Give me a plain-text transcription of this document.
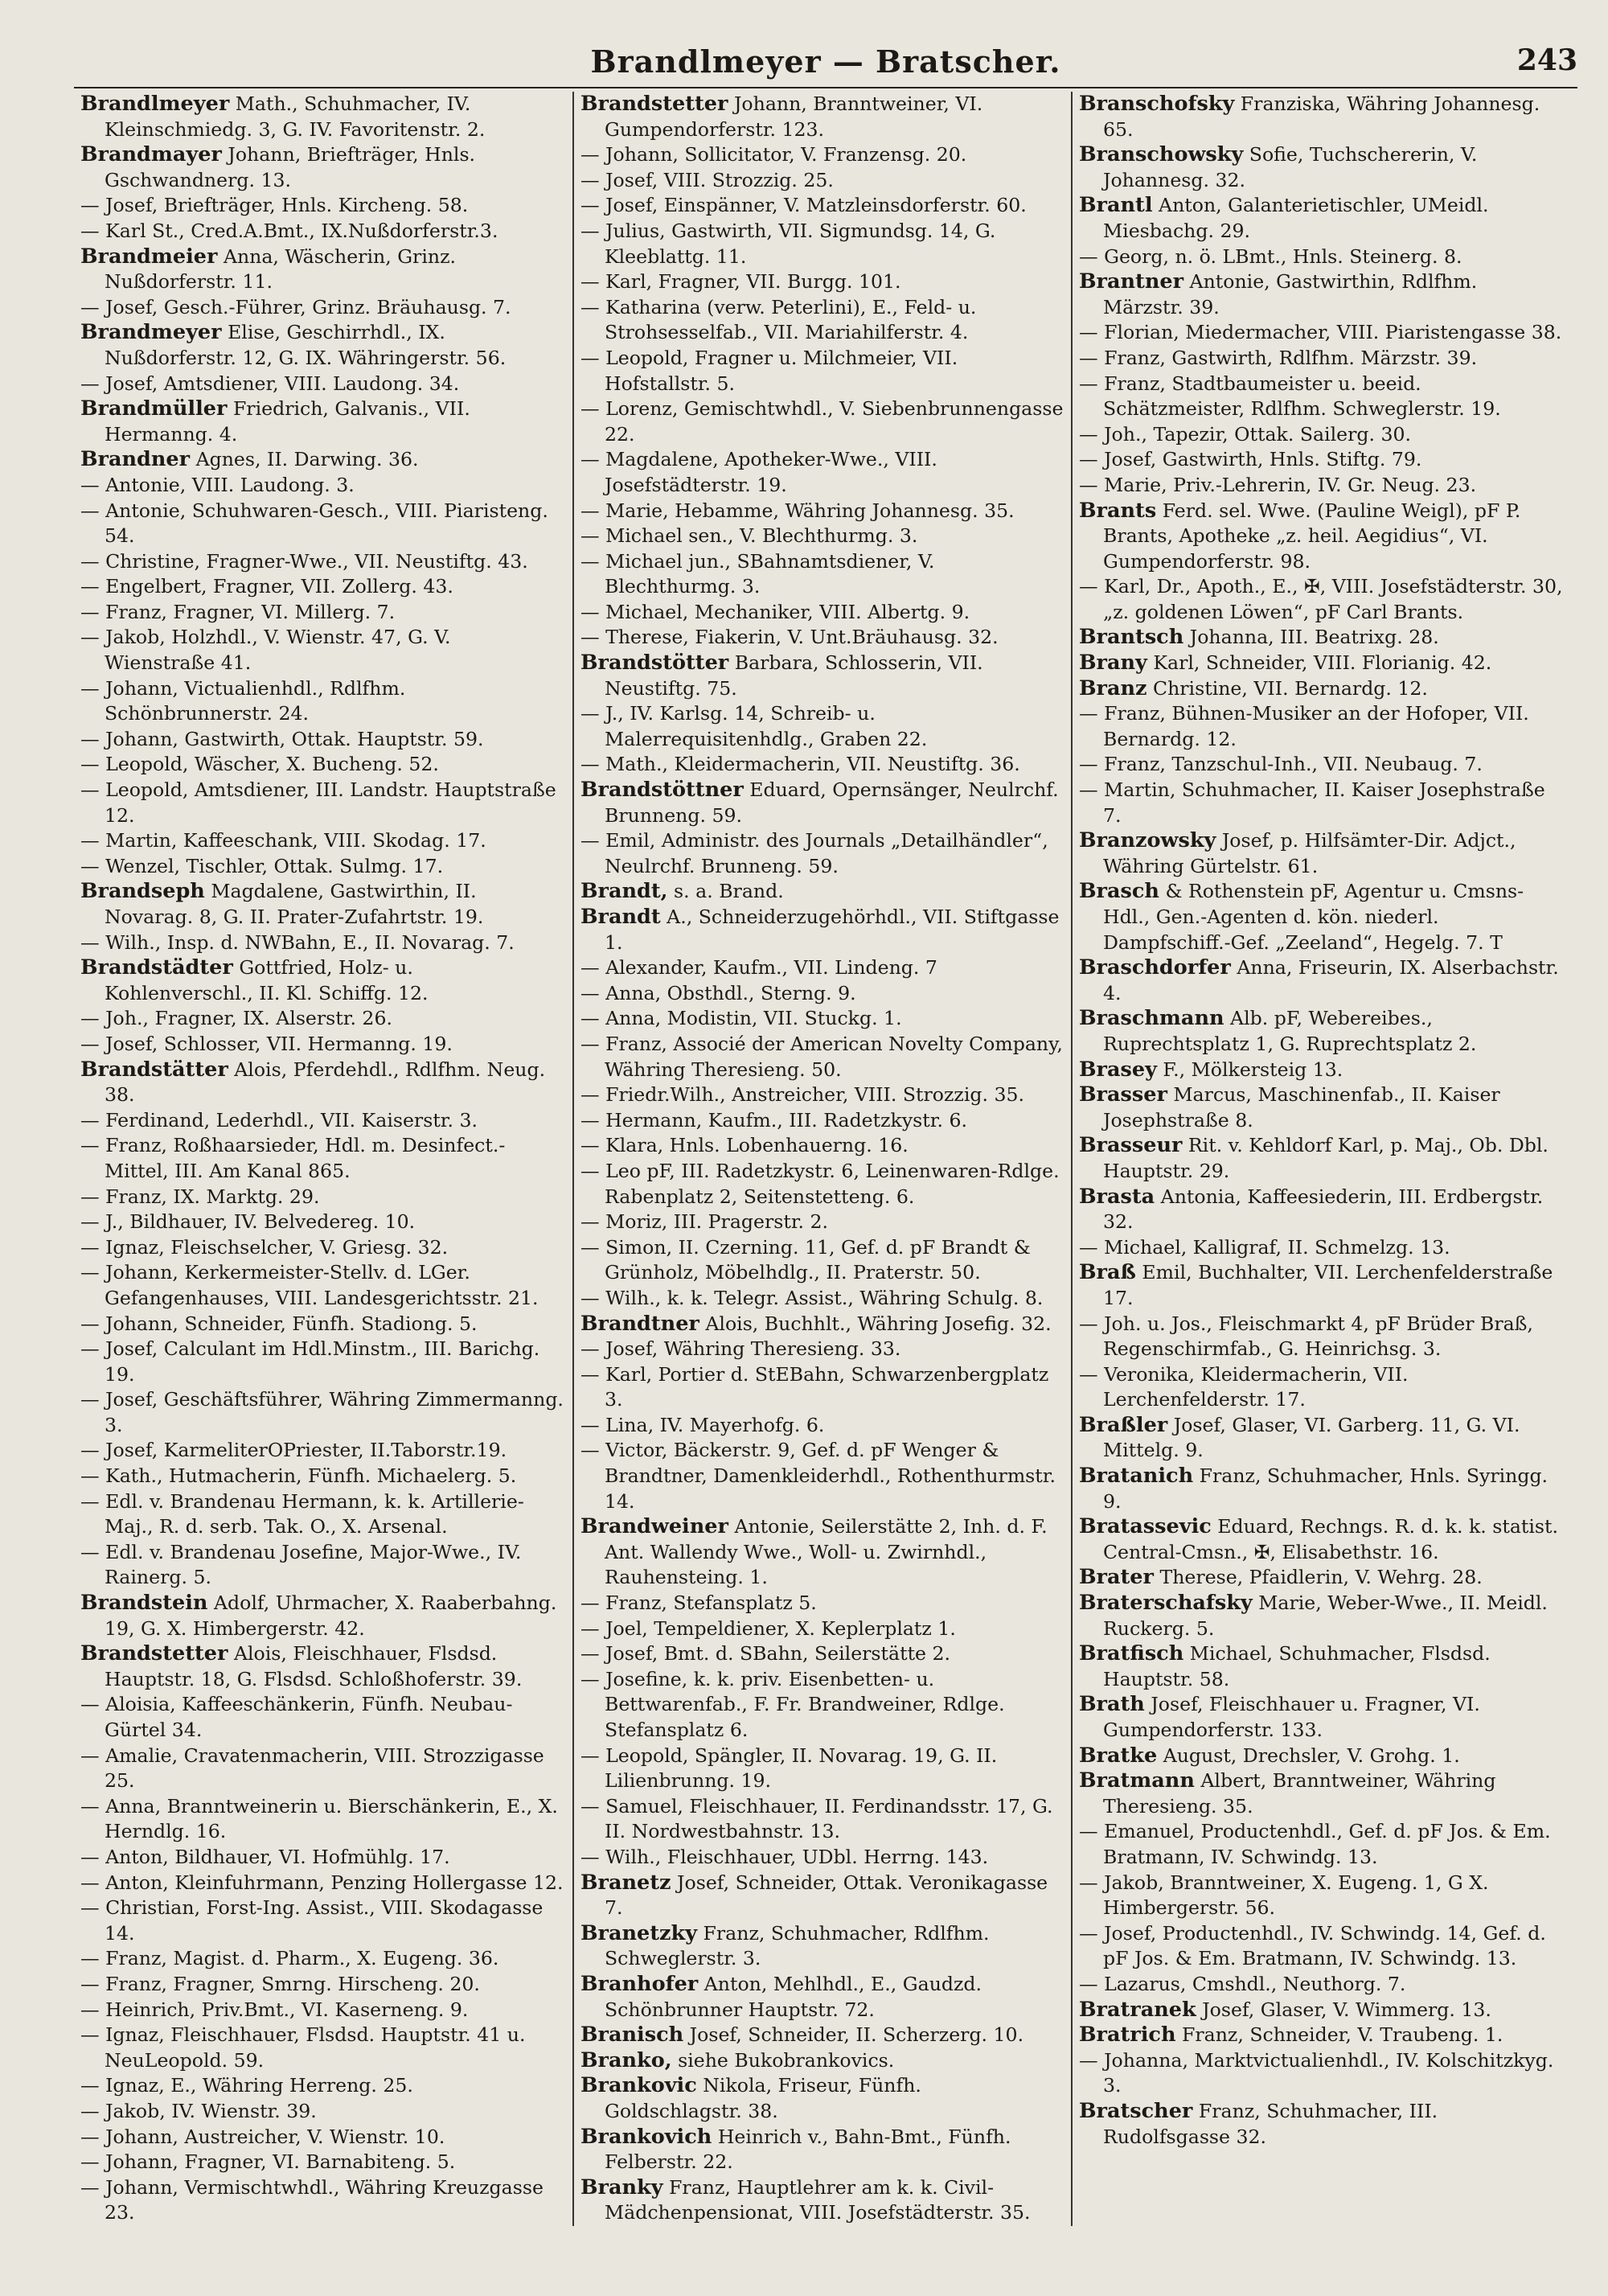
Brandlmeyer — Bratscher.	243
Brandlmeyer Math., Schuhmacher, IV. Kleinschmiedg. 3, G. IV. Favoritenstr. 2.
Brandmayer Johann, Briefträger, Hnls. Gschwandnerg. 13.
— Josef, Briefträger, Hnls. Kircheng. 58.
— Karl St., Cred.A.Bmt., IX.Nußdorferstr.3.
Brandmeier Anna, Wäscherin, Grinz. Nußdorferstr. 11.
— Josef, Gesch.-Führer, Grinz. Bräuhausg. 7.
Brandmeyer Elise, Geschirrhdl., IX. Nußdorferstr. 12, G. IX. Währingerstr. 56.
— Josef, Amtsdiener, VIII. Laudong. 34.
Brandmüller Friedrich, Galvanis., VII. Hermanng. 4.
Brandner Agnes, II. Darwing. 36.
— Antonie, VIII. Laudong. 3.
— Antonie, Schuhwaren-Gesch., VIII. Piaristeng. 54.
— Christine, Fragner-Wwe., VII. Neustiftg. 43.
— Engelbert, Fragner, VII. Zollerg. 43.
— Franz, Fragner, VI. Millerg. 7.
— Jakob, Holzhdl., V. Wienstr. 47, G. V. Wienstraße 41.
— Johann, Victualienhdl., Rdlfhm. Schönbrunnerstr. 24.
— Johann, Gastwirth, Ottak. Hauptstr. 59.
— Leopold, Wäscher, X. Bucheng. 52.
— Leopold, Amtsdiener, III. Landstr. Hauptstraße 12.
— Martin, Kaffeeschank, VIII. Skodag. 17.
— Wenzel, Tischler, Ottak. Sulmg. 17.
Brandseph Magdalene, Gastwirthin, II. Novarag. 8, G. II. Prater-Zufahrtstr. 19.
— Wilh., Insp. d. NWBahn, E., II. Novarag. 7.
Brandstädter Gottfried, Holz- u. Kohlenverschl., II. Kl. Schiffg. 12.
— Joh., Fragner, IX. Alserstr. 26.
— Josef, Schlosser, VII. Hermanng. 19.
Brandstätter Alois, Pferdehdl., Rdlfhm. Neug. 38.
— Ferdinand, Lederhdl., VII. Kaiserstr. 3.
— Franz, Roßhaarsieder, Hdl. m. Desinfect.-Mittel, III. Am Kanal 865.
— Franz, IX. Marktg. 29.
— J., Bildhauer, IV. Belvedereg. 10.
— Ignaz, Fleischselcher, V. Griesg. 32.
— Johann, Kerkermeister-Stellv. d. LGer. Gefangenhauses, VIII. Landesgerichtsstr. 21.
— Johann, Schneider, Fünfh. Stadiong. 5.
— Josef, Calculant im Hdl.Minstm., III. Barichg. 19.
— Josef, Geschäftsführer, Währing Zimmermanng. 3.
— Josef, KarmeliterOPriester, II.Taborstr.19.
— Kath., Hutmacherin, Fünfh. Michaelerg. 5.
— Edl. v. Brandenau Hermann, k. k. Artillerie-Maj., R. d. serb. Tak. O., X. Arsenal.
— Edl. v. Brandenau Josefine, Major-Wwe., IV. Rainerg. 5.
Brandstein Adolf, Uhrmacher, X. Raaberbahng. 19, G. X. Himbergerstr. 42.
Brandstetter Alois, Fleischhauer, Flsdsd. Hauptstr. 18, G. Flsdsd. Schloßhoferstr. 39.
— Aloisia, Kaffeeschänkerin, Fünfh. Neubau-Gürtel 34.
— Amalie, Cravatenmacherin, VIII. Strozzigasse 25.
— Anna, Branntweinerin u. Bierschänkerin, E., X. Herndlg. 16.
— Anton, Bildhauer, VI. Hofmühlg. 17.
— Anton, Kleinfuhrmann, Penzing Hollergasse 12.
— Christian, Forst-Ing. Assist., VIII. Skodagasse 14.
— Franz, Magist. d. Pharm., X. Eugeng. 36.
— Franz, Fragner, Smrng. Hirscheng. 20.
— Heinrich, Priv.Bmt., VI. Kaserneng. 9.
— Ignaz, Fleischhauer, Flsdsd. Hauptstr. 41 u. NeuLeopold. 59.
— Ignaz, E., Währing Herreng. 25.
— Jakob, IV. Wienstr. 39.
— Johann, Austreicher, V. Wienstr. 10.
— Johann, Fragner, VI. Barnabiteng. 5.
— Johann, Vermischtwhdl., Währing Kreuzgasse 23.
Brandstetter Johann, Branntweiner, VI. Gumpendorferstr. 123.
— Johann, Sollicitator, V. Franzensg. 20.
— Josef, VIII. Strozzig. 25.
— Josef, Einspänner, V. Matzleinsdorferstr. 60.
— Julius, Gastwirth, VII. Sigmundsg. 14, G. Kleeblattg. 11.
— Karl, Fragner, VII. Burgg. 101.
— Katharina (verw. Peterlini), E., Feld- u. Strohsesselfab., VII. Mariahilferstr. 4.
— Leopold, Fragner u. Milchmeier, VII. Hofstallstr. 5.
— Lorenz, Gemischtwhdl., V. Siebenbrunnengasse 22.
— Magdalene, Apotheker-Wwe., VIII. Josefstädterstr. 19.
— Marie, Hebamme, Währing Johannesg. 35.
— Michael sen., V. Blechthurmg. 3.
— Michael jun., SBahnamtsdiener, V. Blechthurmg. 3.
— Michael, Mechaniker, VIII. Albertg. 9.
— Therese, Fiakerin, V. Unt.Bräuhausg. 32.
Brandstötter Barbara, Schlosserin, VII. Neustiftg. 75.
— J., IV. Karlsg. 14, Schreib- u. Malerrequisitenhdlg., Graben 22.
— Math., Kleidermacherin, VII. Neustiftg. 36.
Brandstöttner Eduard, Opernsänger, Neulrchf. Brunneng. 59.
— Emil, Administr. des Journals „Detailhändler“, Neulrchf. Brunneng. 59.
Brandt, s. a. Brand.
Brandt A., Schneiderzugehörhdl., VII. Stiftgasse 1.
— Alexander, Kaufm., VII. Lindeng. 7
— Anna, Obsthdl., Sterng. 9.
— Anna, Modistin, VII. Stuckg. 1.
— Franz, Associé der American Novelty Company, Währing Theresieng. 50.
— Friedr.Wilh., Anstreicher, VIII. Strozzig. 35.
— Hermann, Kaufm., III. Radetzkystr. 6.
— Klara, Hnls. Lobenhauerng. 16.
— Leo pF, III. Radetzkystr. 6, Leinenwaren-Rdlge. Rabenplatz 2, Seitenstetteng. 6.
— Moriz, III. Pragerstr. 2.
— Simon, II. Czerning. 11, Gef. d. pF Brandt & Grünholz, Möbelhdlg., II. Praterstr. 50.
— Wilh., k. k. Telegr. Assist., Währing Schulg. 8.
Brandtner Alois, Buchhlt., Währing Josefig. 32.
— Josef, Währing Theresieng. 33.
— Karl, Portier d. StEBahn, Schwarzenbergplatz 3.
— Lina, IV. Mayerhofg. 6.
— Victor, Bäckerstr. 9, Gef. d. pF Wenger & Brandtner, Damenkleiderhdl., Rothenthurmstr. 14.
Brandweiner Antonie, Seilerstätte 2, Inh. d. F. Ant. Wallendy Wwe., Woll- u. Zwirnhdl., Rauhensteing. 1.
— Franz, Stefansplatz 5.
— Joel, Tempeldiener, X. Keplerplatz 1.
— Josef, Bmt. d. SBahn, Seilerstätte 2.
— Josefine, k. k. priv. Eisenbetten- u. Bettwarenfab., F. Fr. Brandweiner, Rdlge. Stefansplatz 6.
— Leopold, Spängler, II. Novarag. 19, G. II. Lilienbrunng. 19.
— Samuel, Fleischhauer, II. Ferdinandsstr. 17, G. II. Nordwestbahnstr. 13.
— Wilh., Fleischhauer, UDbl. Herrng. 143.
Branetz Josef, Schneider, Ottak. Veronikagasse 7.
Branetzky Franz, Schuhmacher, Rdlfhm. Schweglerstr. 3.
Branhofer Anton, Mehlhdl., E., Gaudzd. Schönbrunner Hauptstr. 72.
Branisch Josef, Schneider, II. Scherzerg. 10.
Branko, siehe Bukobrankovics.
Brankovic Nikola, Friseur, Fünfh. Goldschlagstr. 38.
Brankovich Heinrich v., Bahn-Bmt., Fünfh. Felberstr. 22.
Branky Franz, Hauptlehrer am k. k. Civil-Mädchenpensionat, VIII. Josefstädterstr. 35.
Branschofsky Franziska, Währing Johannesg. 65.
Branschowsky Sofie, Tuchschererin, V. Johannesg. 32.
Brantl Anton, Galanterietischler, UMeidl. Miesbachg. 29.
— Georg, n. ö. LBmt., Hnls. Steinerg. 8.
Brantner Antonie, Gastwirthin, Rdlfhm. Märzstr. 39.
— Florian, Miedermacher, VIII. Piaristengasse 38.
— Franz, Gastwirth, Rdlfhm. Märzstr. 39.
— Franz, Stadtbaumeister u. beeid. Schätzmeister, Rdlfhm. Schweglerstr. 19.
— Joh., Tapezir, Ottak. Sailerg. 30.
— Josef, Gastwirth, Hnls. Stiftg. 79.
— Marie, Priv.-Lehrerin, IV. Gr. Neug. 23.
Brants Ferd. sel. Wwe. (Pauline Weigl), pF P. Brants, Apotheke „z. heil. Aegidius“, VI. Gumpendorferstr. 98.
— Karl, Dr., Apoth., E., ✠, VIII. Josefstädterstr. 30, „z. goldenen Löwen“, pF Carl Brants.
Brantsch Johanna, III. Beatrixg. 28.
Brany Karl, Schneider, VIII. Florianig. 42.
Branz Christine, VII. Bernardg. 12.
— Franz, Bühnen-Musiker an der Hofoper, VII. Bernardg. 12.
— Franz, Tanzschul-Inh., VII. Neubaug. 7.
— Martin, Schuhmacher, II. Kaiser Josephstraße 7.
Branzowsky Josef, p. Hilfsämter-Dir. Adjct., Währing Gürtelstr. 61.
Brasch & Rothenstein pF, Agentur u. Cmsns-Hdl., Gen.-Agenten d. kön. niederl. Dampfschiff.-Gef. „Zeeland“, Hegelg. 7. T
Braschdorfer Anna, Friseurin, IX. Alserbachstr. 4.
Braschmann Alb. pF, Webereibes., Ruprechtsplatz 1, G. Ruprechtsplatz 2.
Brasey F., Mölkersteig 13.
Brasser Marcus, Maschinenfab., II. Kaiser Josephstraße 8.
Brasseur Rit. v. Kehldorf Karl, p. Maj., Ob. Dbl. Hauptstr. 29.
Brasta Antonia, Kaffeesiederin, III. Erdbergstr. 32.
— Michael, Kalligraf, II. Schmelzg. 13.
Braß Emil, Buchhalter, VII. Lerchenfelderstraße 17.
— Joh. u. Jos., Fleischmarkt 4, pF Brüder Braß, Regenschirmfab., G. Heinrichsg. 3.
— Veronika, Kleidermacherin, VII. Lerchenfelderstr. 17.
Braßler Josef, Glaser, VI. Garberg. 11, G. VI. Mittelg. 9.
Bratanich Franz, Schuhmacher, Hnls. Syringg. 9.
Bratassevic Eduard, Rechngs. R. d. k. k. statist. Central-Cmsn., ✠, Elisabethstr. 16.
Brater Therese, Pfaidlerin, V. Wehrg. 28.
Braterschafsky Marie, Weber-Wwe., II. Meidl. Ruckerg. 5.
Bratfisch Michael, Schuhmacher, Flsdsd. Hauptstr. 58.
Brath Josef, Fleischhauer u. Fragner, VI. Gumpendorferstr. 133.
Bratke August, Drechsler, V. Grohg. 1.
Bratmann Albert, Branntweiner, Währing Theresieng. 35.
— Emanuel, Productenhdl., Gef. d. pF Jos. & Em. Bratmann, IV. Schwindg. 13.
— Jakob, Branntweiner, X. Eugeng. 1, G X. Himbergerstr. 56.
— Josef, Productenhdl., IV. Schwindg. 14, Gef. d. pF Jos. & Em. Bratmann, IV. Schwindg. 13.
— Lazarus, Cmshdl., Neuthorg. 7.
Bratranek Josef, Glaser, V. Wimmerg. 13.
Bratrich Franz, Schneider, V. Traubeng. 1.
— Johanna, Marktvictualienhdl., IV. Kolschitzkyg. 3.
Bratscher Franz, Schuhmacher, III. Rudolfsgasse 32.
